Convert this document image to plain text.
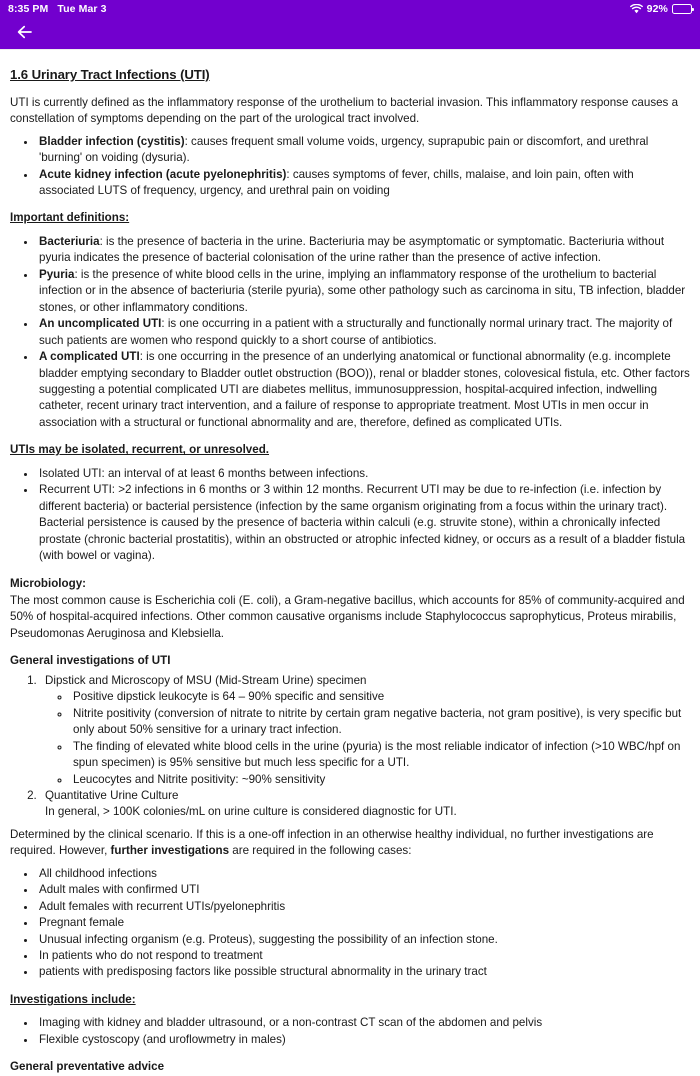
8:35 PM Tue Mar 3	92%
1.6 Urinary Tract Infections (UTI)

UTI is currently defined as the inflammatory response of the urothelium to bacterial invasion. This inflammatory response causes a constellation of symptoms depending on the part of the urological tract involved.

• Bladder infection (cystitis): causes frequent small volume voids, urgency, suprapubic pain or discomfort, and urethral 'burning' on voiding (dysuria).
• Acute kidney infection (acute pyelonephritis): causes symptoms of fever, chills, malaise, and loin pain, often with associated LUTS of frequency, urgency, and urethral pain on voiding
Important definitions:
• Bacteriuria: is the presence of bacteria in the urine. Bacteriuria may be asymptomatic or symptomatic. Bacteriuria without pyuria indicates the presence of bacterial colonisation of the urine rather than the presence of active infection.
• Pyuria: is the presence of white blood cells in the urine, implying an inflammatory response of the urothelium to bacterial infection or in the absence of bacteriuria (sterile pyuria), some other pathology such as carcinoma in situ, TB infection, bladder stones, or other inflammatory conditions.
• An uncomplicated UTI: is one occurring in a patient with a structurally and functionally normal urinary tract. The majority of such patients are women who respond quickly to a short course of antibiotics.
• A complicated UTI: is one occurring in the presence of an underlying anatomical or functional abnormality (e.g. incomplete bladder emptying secondary to Bladder outlet obstruction (BOO)), renal or bladder stones, colovesical fistula, etc. Other factors suggesting a potential complicated UTI are diabetes mellitus, immunosuppression, hospital-acquired infection, indwelling catheter, recent urinary tract intervention, and a failure of response to appropriate treatment. Most UTIs in men occur in association with a structural or functional abnormality and are, therefore, defined as complicated UTIs.
UTIs may be isolated, recurrent, or unresolved.
• Isolated UTI: an interval of at least 6 months between infections.
• Recurrent UTI: >2 infections in 6 months or 3 within 12 months. Recurrent UTI may be due to re-infection (i.e. infection by different bacteria) or bacterial persistence (infection by the same organism originating from a focus within the urinary tract). Bacterial persistence is caused by the presence of bacteria within calculi (e.g. struvite stone), within a chronically infected prostate (chronic bacterial prostatitis), within an obstructed or atrophic infected kidney, or occurs as a result of a bladder fistula (with bowel or vagina).
Microbiology:

The most common cause is Escherichia coli (E. coli), a Gram-negative bacillus, which accounts for 85% of community-acquired and 50% of hospital-acquired infections. Other common causative organisms include Staphylococcus saprophyticus, Proteus mirabilis, Pseudomonas Aeruginosa and Klebsiella.

General investigations of UTI
1. Dipstick and Microscopy of MSU (Mid-Stream Urine) specimen
◦ Positive dipstick leukocyte is 64 – 90% specific and sensitive
◦ Nitrite positivity (conversion of nitrate to nitrite by certain gram negative bacteria, not gram positive), is very specific but only about 50% sensitive for a urinary tract infection.
◦ The finding of elevated white blood cells in the urine (pyuria) is the most reliable indicator of infection (>10 WBC/hpf on spun specimen) is 95% sensitive but much less specific for a UTI.
◦ Leucocytes and Nitrite positivity: ~90% sensitivity
2. Quantitative Urine Culture
In general, > 100K colonies/mL on urine culture is considered diagnostic for UTI.

Determined by the clinical scenario. If this is a one-off infection in an otherwise healthy individual, no further investigations are required. However, further investigations are required in the following cases:

• All childhood infections
• Adult males with confirmed UTI
• Adult females with recurrent UTIs/pyelonephritis
• Pregnant female
• Unusual infecting organism (e.g. Proteus), suggesting the possibility of an infection stone.
• In patients who do not respond to treatment
• patients with predisposing factors like possible structural abnormality in the urinary tract
Investigations include:
• Imaging with kidney and bladder ultrasound, or a non-contrast CT scan of the abdomen and pelvis
• Flexible cystoscopy (and uroflowmetry in males)
General preventative advice
